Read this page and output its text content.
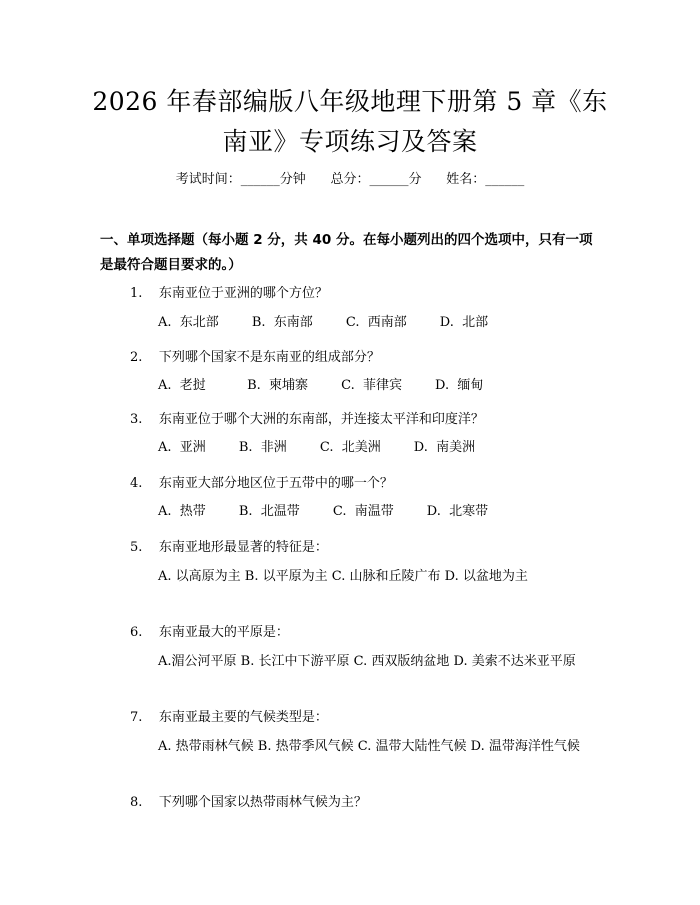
2026 年春部编版八年级地理下册第 5 章《东南亚》专项练习及答案
考试时间：______分钟      总分：______分      姓名：______
一、单项选择题（每小题 2 分，共 40 分。在每小题列出的四个选项中，只有一项是最符合题目要求的。）
1.    东南亚位于亚洲的哪个方位？
A.  东北部        B.  东南部        C.  西南部        D.  北部
2.    下列哪个国家不是东南亚的组成部分？
A.  老挝          B.  柬埔寨        C.  菲律宾        D.  缅甸
3.    东南亚位于哪个大洲的东南部，并连接太平洋和印度洋？
A.  亚洲        B.  非洲        C.  北美洲        D.  南美洲
4.    东南亚大部分地区位于五带中的哪一个？
A.  热带        B.  北温带        C.  南温带        D.  北寒带
5.    东南亚地形最显著的特征是：
A. 以高原为主 B. 以平原为主 C. 山脉和丘陵广布 D. 以盆地为主
6.    东南亚最大的平原是：
A.湄公河平原 B. 长江中下游平原 C. 西双版纳盆地 D. 美索不达米亚平原
7.    东南亚最主要的气候类型是：
A. 热带雨林气候 B. 热带季风气候 C. 温带大陆性气候 D. 温带海洋性气候
8.    下列哪个国家以热带雨林气候为主？
